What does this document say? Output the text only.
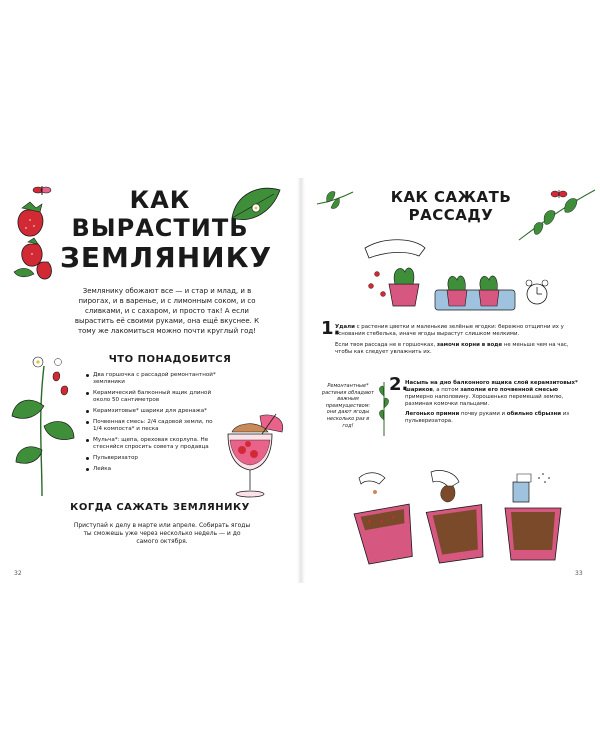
КАК
ВЫРАСТИТЬ
ЗЕМЛЯНИКУ
Землянику обожают все — и стар и млад, и в пирогах, и в варенье, и с лимонным соком, и со сливками, и с сахаром, и просто так! А если вырастить её своими руками, она ещё вкуснее. К тому же лакомиться можно почти круглый год!
ЧТО ПОНАДОБИТСЯ
Два горшочка с рассадой ремонтантной* земляники
Керамический балконный ящик длиной около 50 сантиметров
Керамзитовые* шарики для дренажа*
Почвенная смесь: 2/4 садовой земли, по 1/4 компоста* и песка
Мульча*: щепа, ореховая скорлупа. Не стесняйся спросить совета у продавца
Пульверизатор
Лейка
КОГДА САЖАТЬ ЗЕМЛЯНИКУ
Приступай к делу в марте или апреле. Собирать ягоды ты сможешь уже через несколько недель — и до самого октября.
32
КАК САЖАТЬ РАССАДУ
1.

Удали с растения цветки и маленькие зелёные ягодки: бережно отщипни их у основания стебелька, иначе ягоды вырастут слишком мелкими.

Если твоя рассада не в горшочках, замочи корни в воде не меньше чем на час, чтобы как следует увлажнить их.

Ремонтантные* растения обладают важным преимуществом: они дают ягоды несколько раз в год!
2.

Насыпь на дно балконного ящика слой керамзитовых* шариков, а потом заполни его почвенной смесью примерно наполовину. Хорошенько перемешай землю, разминая комочки пальцами.

Легонько примни почву руками и обильно сбрызни из пульверизатора.

33
